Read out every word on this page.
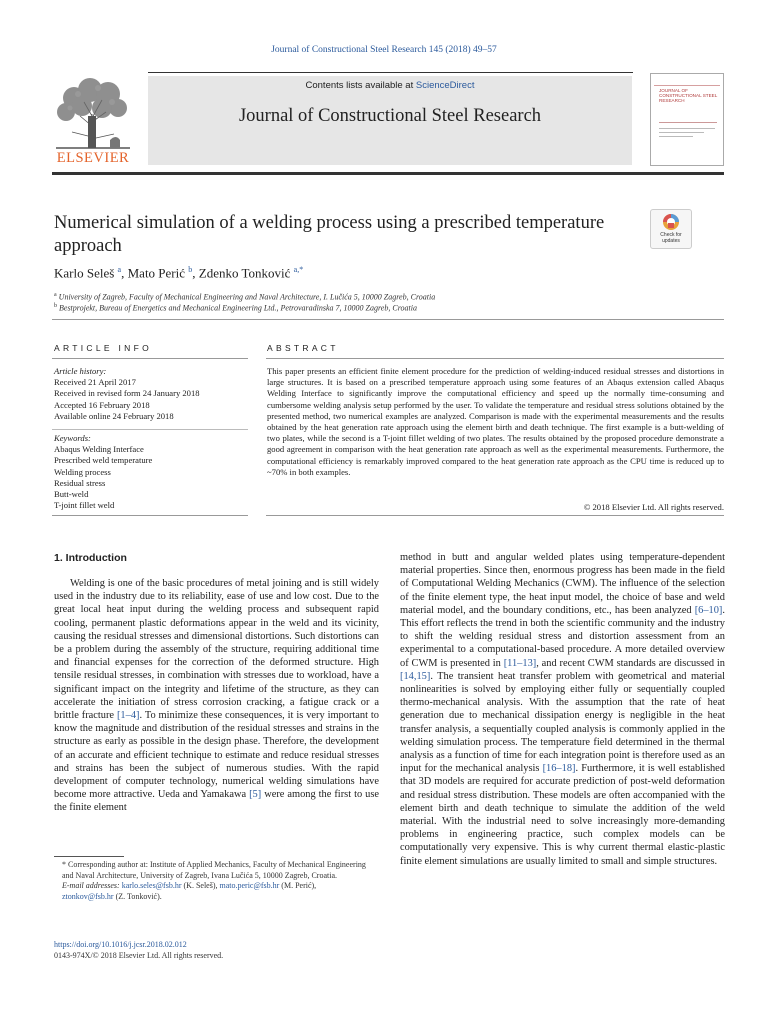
Journal of Constructional Steel Research 145 (2018) 49–57
ELSEVIER
Contents lists available at ScienceDirect
Journal of Constructional Steel Research
JOURNAL OF CONSTRUCTIONAL STEEL RESEARCH
Numerical simulation of a welding process using a prescribed temperature approach
Check for
updates
Karlo Seleš $^a$, Mato Perić $^b$, Zdenko Tonković $^{a,*}$
$^a$ University of Zagreb, Faculty of Mechanical Engineering and Naval Architecture, I. Lučića 5, 10000 Zagreb, Croatia
$^b$ Bestprojekt, Bureau of Energetics and Mechanical Engineering Ltd., Petrovaradinska 7, 10000 Zagreb, Croatia
ARTICLE INFO	ABSTRACT
Article history:
Received 21 April 2017
Received in revised form 24 January 2018
Accepted 16 February 2018
Available online 24 February 2018
Keywords:
Abaqus Welding Interface
Prescribed weld temperature
Welding process
Residual stress
Butt-weld
T-joint fillet weld
This paper presents an efficient finite element procedure for the prediction of welding-induced residual stresses and distortions in large structures. It is based on a prescribed temperature approach using some features of an Abaqus extension called Abaqus Welding Interface to significantly improve the computational efficiency and speed up the normally time-consuming and cumbersome welding analysis setup performed by the user. To validate the temperature and residual stress solutions obtained by the presented method, two numerical examples are analyzed. Comparison is made with the experimental measurements and the results obtained by the heat generation rate approach using the element birth and death technique. The first example is a butt-welding of two plates, while the second is a T-joint fillet welding of two plates. The results obtained by the proposed procedure demonstrate a good agreement in comparison with the heat generation rate approach as well as the experimental measurements. Furthermore, the computational efficiency is remarkably improved compared to the heat generation rate approach as the CPU time is reduced up to ~70% in both examples.
© 2018 Elsevier Ltd. All rights reserved.
1. Introduction
Welding is one of the basic procedures of metal joining and is still widely used in the industry due to its reliability, ease of use and low cost. Due to the great local heat input during the welding process and subsequent rapid cooling, permanent plastic deformations appear in the weld and its vicinity, causing the residual stresses and dimensional distortions. Such distortions can be a problem during the assembly of the structure, requiring additional time and financial expenses for the correction of the deformed structure. High tensile residual stresses, in combination with stresses due to workload, have a significant impact on the integrity and lifetime of the structure, as they can accelerate the initiation of stress corrosion cracking, a fatigue crack or a brittle fracture [1–4]. To minimize these consequences, it is very important to know the magnitude and distribution of the residual stresses and strains in the structure as early as possible in the design phase. Therefore, the development of an accurate and efficient technique to estimate and reduce residual stresses and strains has been the subject of numerous studies. With the rapid development of computer technology, numerical welding simulations have become more attractive. Ueda and Yamakawa [5] were among the first to use the finite element
method in butt and angular welded plates using temperature-dependent material properties. Since then, enormous progress has been made in the field of Computational Welding Mechanics (CWM). The influence of the selection of the finite element type, the heat input model, the choice of base and weld material model, and the boundary conditions, etc., has been analyzed [6–10]. This effort reflects the trend in both the scientific community and the industry to shift the welding residual stress and distortion assessment from an experimental to a computational-based procedure. A more detailed overview of CWM is presented in [11–13], and recent CWM standards are discussed in [14,15]. The transient heat transfer problem with geometrical and material nonlinearities is solved by employing either fully or sequentially coupled thermo-mechanical analysis. With the assumption that the rate of heat generation due to mechanical dissipation energy is negligible in the heat transfer analysis, a sequentially coupled analysis is commonly applied in the welding simulation process. The temperature field determined in the thermal analysis as a function of time for each integration point is therefore used as an input for the mechanical analysis [16–18]. Furthermore, it is well established that 3D models are required for accurate prediction of post-weld deformation and residual stress distribution. These models are often accompanied with the element birth and death technique to simulate the addition of the weld material. With the industrial need to solve increasingly more-demanding problems in engineering practice, such complex models can be computationally very expensive. This is why current thermal elastic-plastic finite element simulations are usually limited to small and simple structures.
* Corresponding author at: Institute of Applied Mechanics, Faculty of Mechanical Engineering and Naval Architecture, University of Zagreb, Ivana Lučića 5, 10000 Zagreb, Croatia.
E-mail addresses: karlo.seles@fsb.hr (K. Seleš), mato.peric@fsb.hr (M. Perić),
ztonkov@fsb.hr (Z. Tonković).
https://doi.org/10.1016/j.jcsr.2018.02.012
0143-974X/© 2018 Elsevier Ltd. All rights reserved.
